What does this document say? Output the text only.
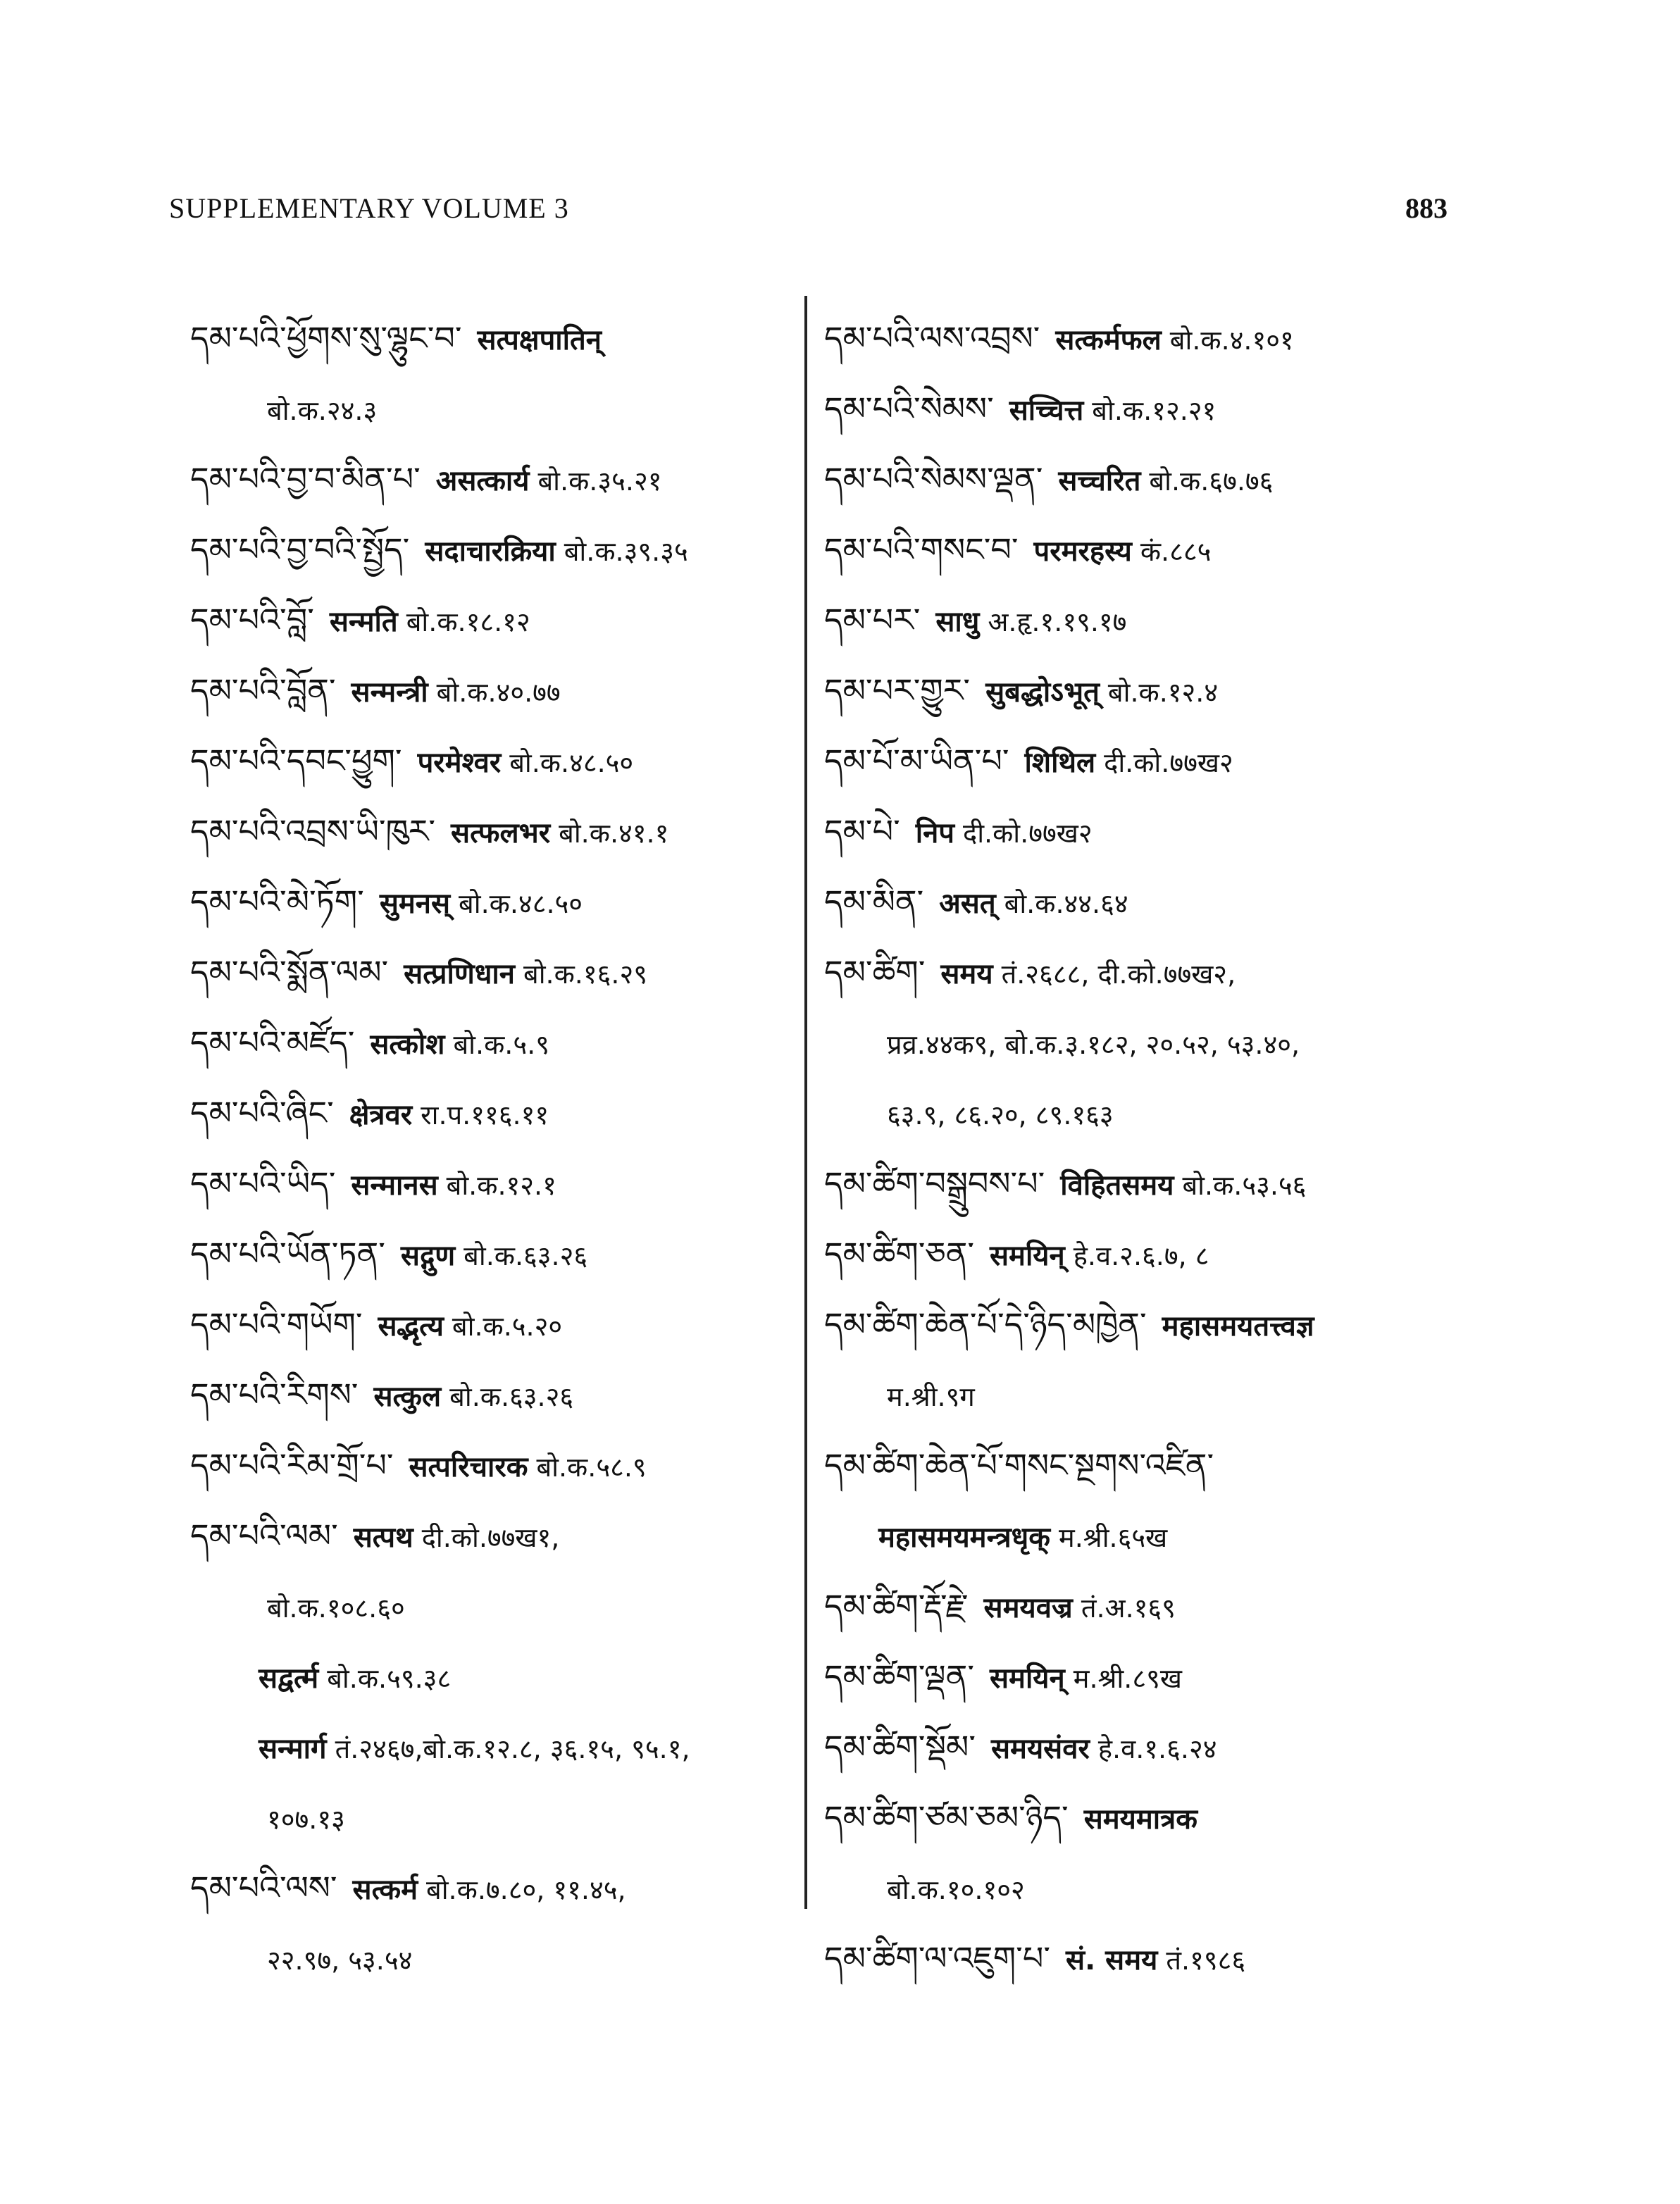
SUPPLEMENTARY VOLUME 3	883
དམ་པའི་ཕྱོགས་སུ་ལྷུང་བ་ सत्पक्षपातिन्
बो.क.२४.३
དམ་པའི་བྱ་བ་མིན་པ་ असत्कार्य बो.क.३५.२१
དམ་པའི་བྱ་བའི་སྤྱོད་ सदाचारक्रिया बो.क.३९.३५
དམ་པའི་བློ་ सन्मति बो.क.१८.१२
དམ་པའི་བློན་ सन्मन्त्री बो.क.४०.७७
དམ་པའི་དབང་ཕྱུག་ परमेश्वर बो.क.४८.५०
དམ་པའི་འབྲས་ཡི་ཁུར་ सत्फलभर बो.क.४१.१
དམ་པའི་མེ་ཏོག་ सुमनस् बो.क.४८.५०
དམ་པའི་སྨོན་ལམ་ सत्प्रणिधान बो.क.१६.२९
དམ་པའི་མཛོད་ सत्कोश बो.क.५.९
དམ་པའི་ཞིང་ क्षेत्रवर रा.प.११६.११
དམ་པའི་ཡིད་ सन्मानस बो.क.१२.१
དམ་པའི་ཡོན་ཏན་ सद्गुण बो.क.६३.२६
དམ་པའི་གཡོག་ सद्भृत्य बो.क.५.२०
དམ་པའི་རིགས་ सत्कुल बो.क.६३.२६
དམ་པའི་རིམ་གྲོ་པ་ सत्परिचारक बो.क.५८.९
དམ་པའི་ལམ་ सत्पथ दी.को.७७ख१,
बो.क.१०८.६०
सद्वर्त्म बो.क.५९.३८
सन्मार्ग तं.२४६७,बो.क.१२.८, ३६.१५, ९५.१,
१०७.१३
དམ་པའི་ལས་ सत्कर्म बो.क.७.८०, ११.४५,
२२.९७, ५३.५४
དམ་པའི་ལས་འབྲས་ सत्कर्मफल बो.क.४.१०१
དམ་པའི་སེམས་ सच्चित्त बो.क.१२.२१
དམ་པའི་སེམས་ལྡན་ सच्चरित बो.क.६७.७६
དམ་པའི་གསང་བ་ परमरहस्य कं.८८५
དམ་པར་ साधु अ.हृ.१.१९.१७
དམ་པར་གྱུར་ सुबद्धोऽभूत् बो.क.१२.४
དམ་པོ་མ་ཡིན་པ་ शिथिल दी.को.७७ख२
དམ་པེ་ निप दी.को.७७ख२
དམ་མིན་ असत् बो.क.४४.६४
དམ་ཚིག་ समय तं.२६८८, दी.को.७७ख२,
प्रव्र.४४क९, बो.क.३.१८२, २०.५२, ५३.४०,
६३.९, ८६.२०, ८९.१६३
དམ་ཚིག་བསྒྲུབས་པ་ विहितसमय बो.क.५३.५६
དམ་ཚིག་ཅན་ समयिन् हे.व.२.६.७, ८
དམ་ཚིག་ཆེན་པོ་དེ་ཉིད་མཁྱེན་ महासमयतत्त्वज्ञ
म.श्री.९ग
དམ་ཚིག་ཆེན་པོ་གསང་སྔགས་འཛིན་
महासमयमन्त्रधृक् म.श्री.६५ख
དམ་ཚིག་རྡོ་རྗེ་ समयवज्र तं.अ.१६९
དམ་ཚིག་ལྡན་ समयिन् म.श्री.८९ख
དམ་ཚིག་སྡོམ་ समयसंवर हे.व.१.६.२४
དམ་ཚིག་ཙམ་ཅམ་ཉིད་ समयमात्रक
बो.क.१०.१०२
དམ་ཚིག་ལ་འཇུག་པ་ सं. समय तं.१९८६
